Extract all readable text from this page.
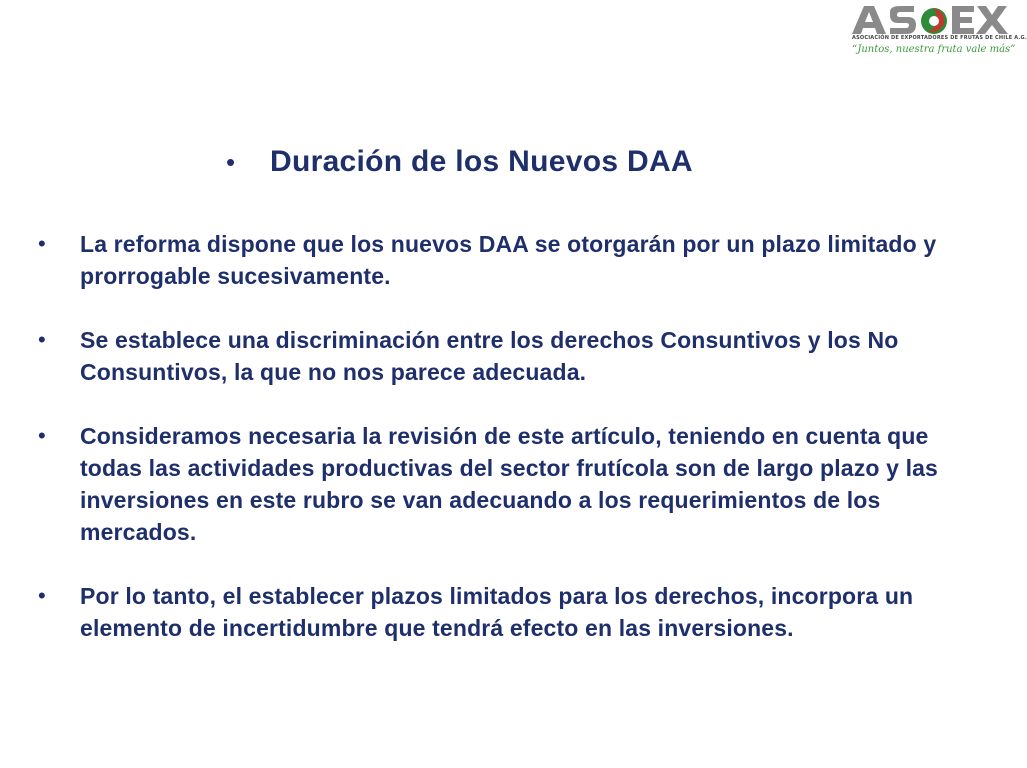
ASOCIACIÓN DE EXPORTADORES DE FRUTAS DE CHILE A.G.
“Juntos, nuestra fruta vale más”
•	Duración de los Nuevos DAA
•	La reforma dispone que los nuevos DAA se otorgarán por un plazo limitado y prorrogable sucesivamente.
•	Se establece una discriminación entre los derechos Consuntivos y los No Consuntivos, la que no nos parece adecuada.
•	Consideramos necesaria la revisión de este artículo, teniendo en cuenta que todas las actividades productivas del sector frutícola son de largo plazo y las inversiones en este rubro se van adecuando a los requerimientos de los mercados.
•	Por lo tanto, el establecer plazos limitados para los derechos, incorpora un elemento de incertidumbre que tendrá efecto en las inversiones.
